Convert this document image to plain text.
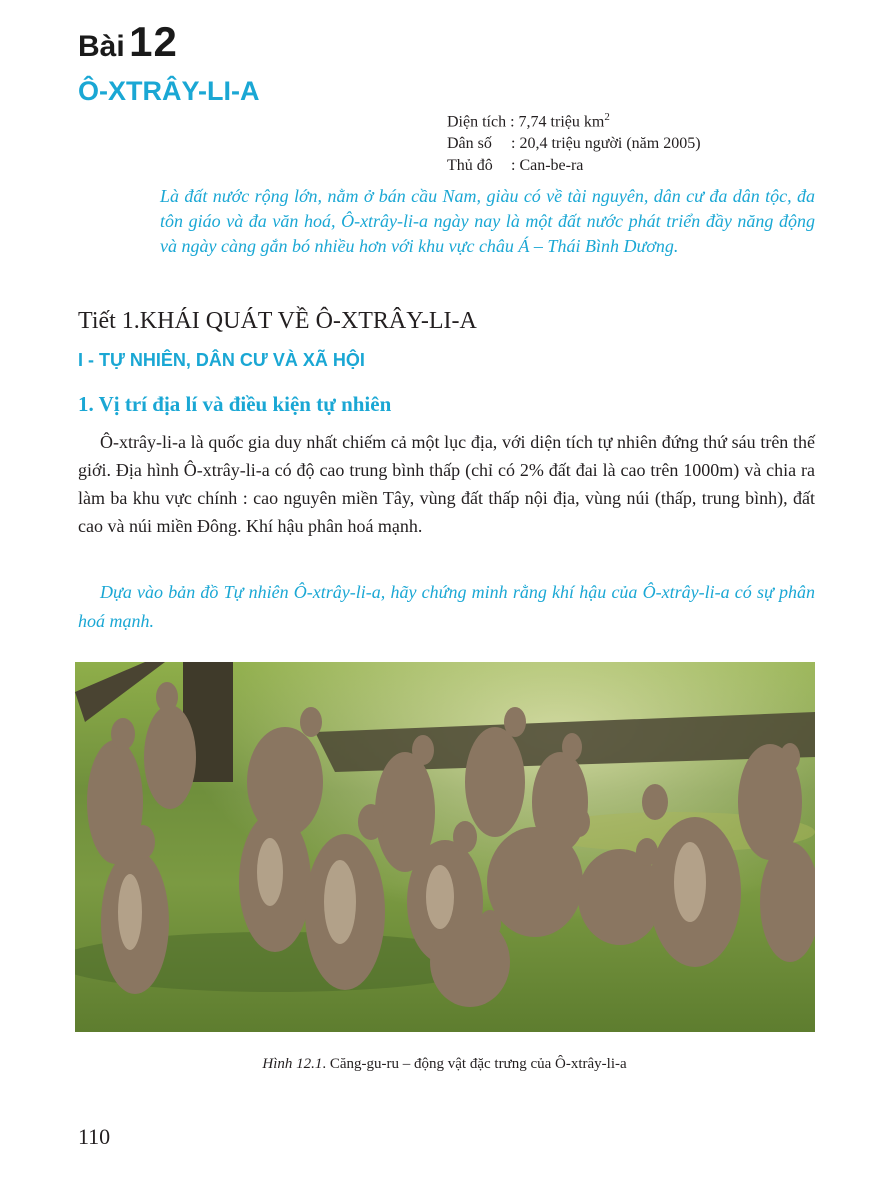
Bài 12
Ô-XTRÂY-LI-A
Diện tích : 7,74 triệu $km^2$
Dân số : 20,4 triệu người (năm 2005)
Thủ đô : Can-be-ra
Là đất nước rộng lớn, nằm ở bán cầu Nam, giàu có về tài nguyên, dân cư đa dân tộc, đa tôn giáo và đa văn hoá, Ô-xtrây-li-a ngày nay là một đất nước phát triển đầy năng động và ngày càng gắn bó nhiều hơn với khu vực châu Á – Thái Bình Dương.
Tiết 1.KHÁI QUÁT VỀ Ô-XTRÂY-LI-A
I - TỰ NHIÊN, DÂN CƯ VÀ XÃ HỘI
1. Vị trí địa lí và điều kiện tự nhiên
Ô-xtrây-li-a là quốc gia duy nhất chiếm cả một lục địa, với diện tích tự nhiên đứng thứ sáu trên thế giới. Địa hình Ô-xtrây-li-a có độ cao trung bình thấp (chỉ có 2% đất đai là cao trên 1000m) và chia ra làm ba khu vực chính : cao nguyên miền Tây, vùng đất thấp nội địa, vùng núi (thấp, trung bình), đất cao và núi miền Đông. Khí hậu phân hoá mạnh.
Dựa vào bản đồ Tự nhiên Ô-xtrây-li-a, hãy chứng minh rằng khí hậu của Ô-xtrây-li-a có sự phân hoá mạnh.
Hình 12.1. Căng-gu-ru – động vật đặc trưng của Ô-xtrây-li-a
110
